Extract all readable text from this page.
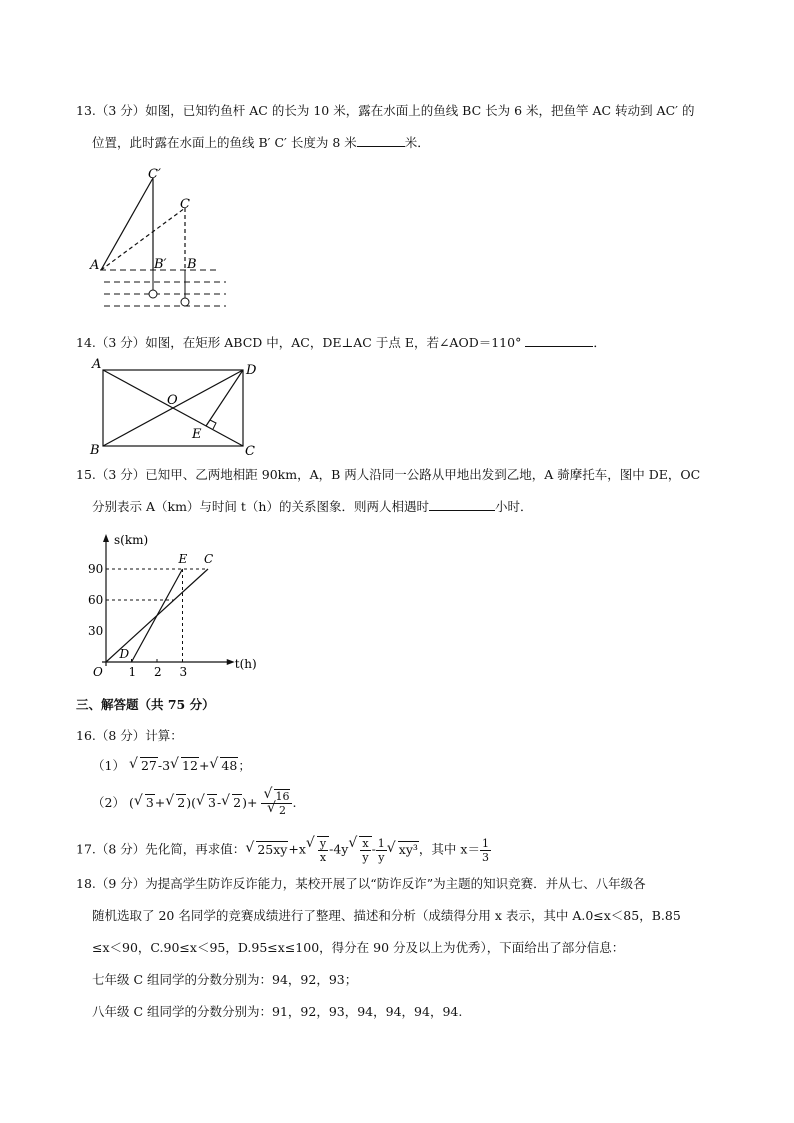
13.（3 分）如图，已知钓鱼杆 AC 的长为 10 米，露在水面上的鱼线 BC 长为 6 米，把鱼竿 AC 转动到 AC′ 的
位置，此时露在水面上的鱼线 B′ C′ 长度为 8 米	米．
C′
C
A	B′ B
14.（3 分）如图，在矩形 ABCD 中，AC，DE⊥AC 于点 E，若∠AOD＝110°	．
A	D
O
E
B	C
15.（3 分）已知甲、乙两地相距 90km，A，B 两人沿同一公路从甲地出发到乙地，A 骑摩托车，图中 DE，OC
分别表示 A（km）与时间 t（h）的关系图象．则两人相遇时	小时．
s(km)
t(h)
O 1 2 3
30
60
90
C
D
E
三、解答题（共 75 分）
16.（8 分）计算：
（1） √ 27-3 √ 12+ √ 48；
（2） ( √ 3+ √ 2)( √ 3- √ 2)+ √ 16
√ 2 .
17.（8 分）先化简，再求值： √ 25xy+x √ $\frac{y}{x} -4y$ √ $\frac{x}{y} - \frac{1}{y}$ √ xy³，其中 $x= \frac{1}{3}$
18.（9 分）为提高学生防诈反诈能力，某校开展了以“防诈反诈”为主题的知识竞赛．并从七、八年级各
随机选取了 20 名同学的竞赛成绩进行了整理、描述和分析（成绩得分用 x 表示，其中 A.0≤x＜85，B.85
≤x＜90，C.90≤x＜95，D.95≤x≤100，得分在 90 分及以上为优秀），下面给出了部分信息：
七年级 C 组同学的分数分别为：94，92，93；
八年级 C 组同学的分数分别为：91，92，93，94，94，94，94.
